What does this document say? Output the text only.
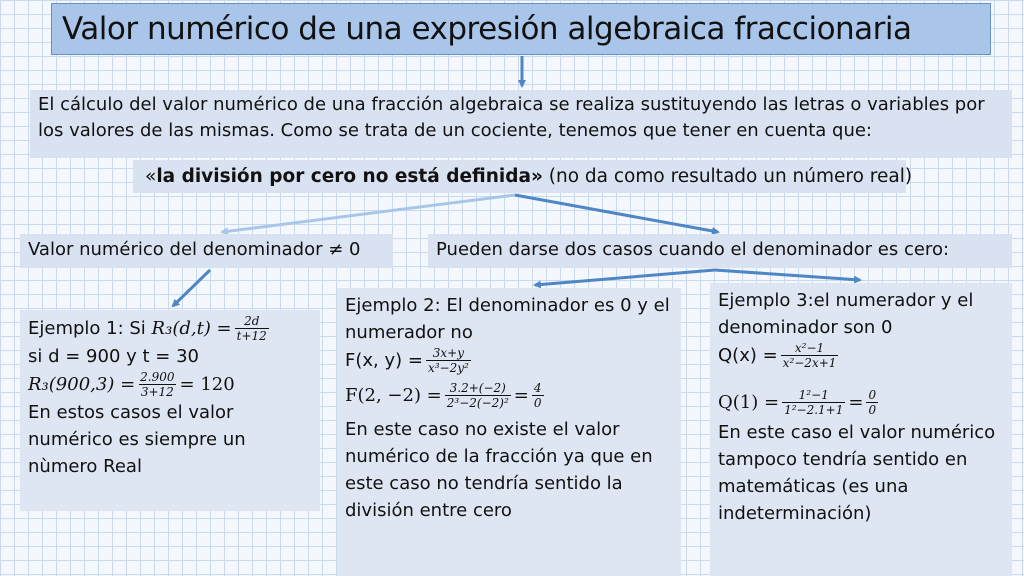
Valor numérico de una expresión algebraica fraccionaria
El cálculo del valor numérico de una fracción algebraica se realiza sustituyendo las letras o variables por los valores de las mismas. Como se trata de un cociente, tenemos que tener en cuenta que:
«la división por cero no está definida» (no da como resultado un número real)
Valor numérico del denominador ≠ 0	Pueden darse dos casos cuando el denominador es cero:
Ejemplo 1: Si
$R_3(d,t) = \frac{2d}{t+12}$
si d = 900 y t = 30
$R_3(900,3) = \frac{2.900}{3+12} = 120$
En estos casos el valor numérico es siempre un nùmero Real
Ejemplo 2: El denominador es 0 y el numerador no
F(x, $y) = \frac{3x+y}{\text{x³−2y²}}$
F(2, $-2) = \frac{3.2+(-2)}{\text{2³−2(−2)²}} = \frac{4}{0}$
En este caso no existe el valor numérico de la fracción ya que en este caso no tendría sentido la división entre cero
Ejemplo 3:el numerador y el denominador son 0
$Q(x) = \frac{\text{x²−1}}{\text{x²−2x+1}}$
$Q(1) = \frac{\text{1²−1}}{\text{1²−2.1+1}} = \frac{0}{0}$
En este caso el valor numérico tampoco tendría sentido en matemáticas (es una indeterminación)
